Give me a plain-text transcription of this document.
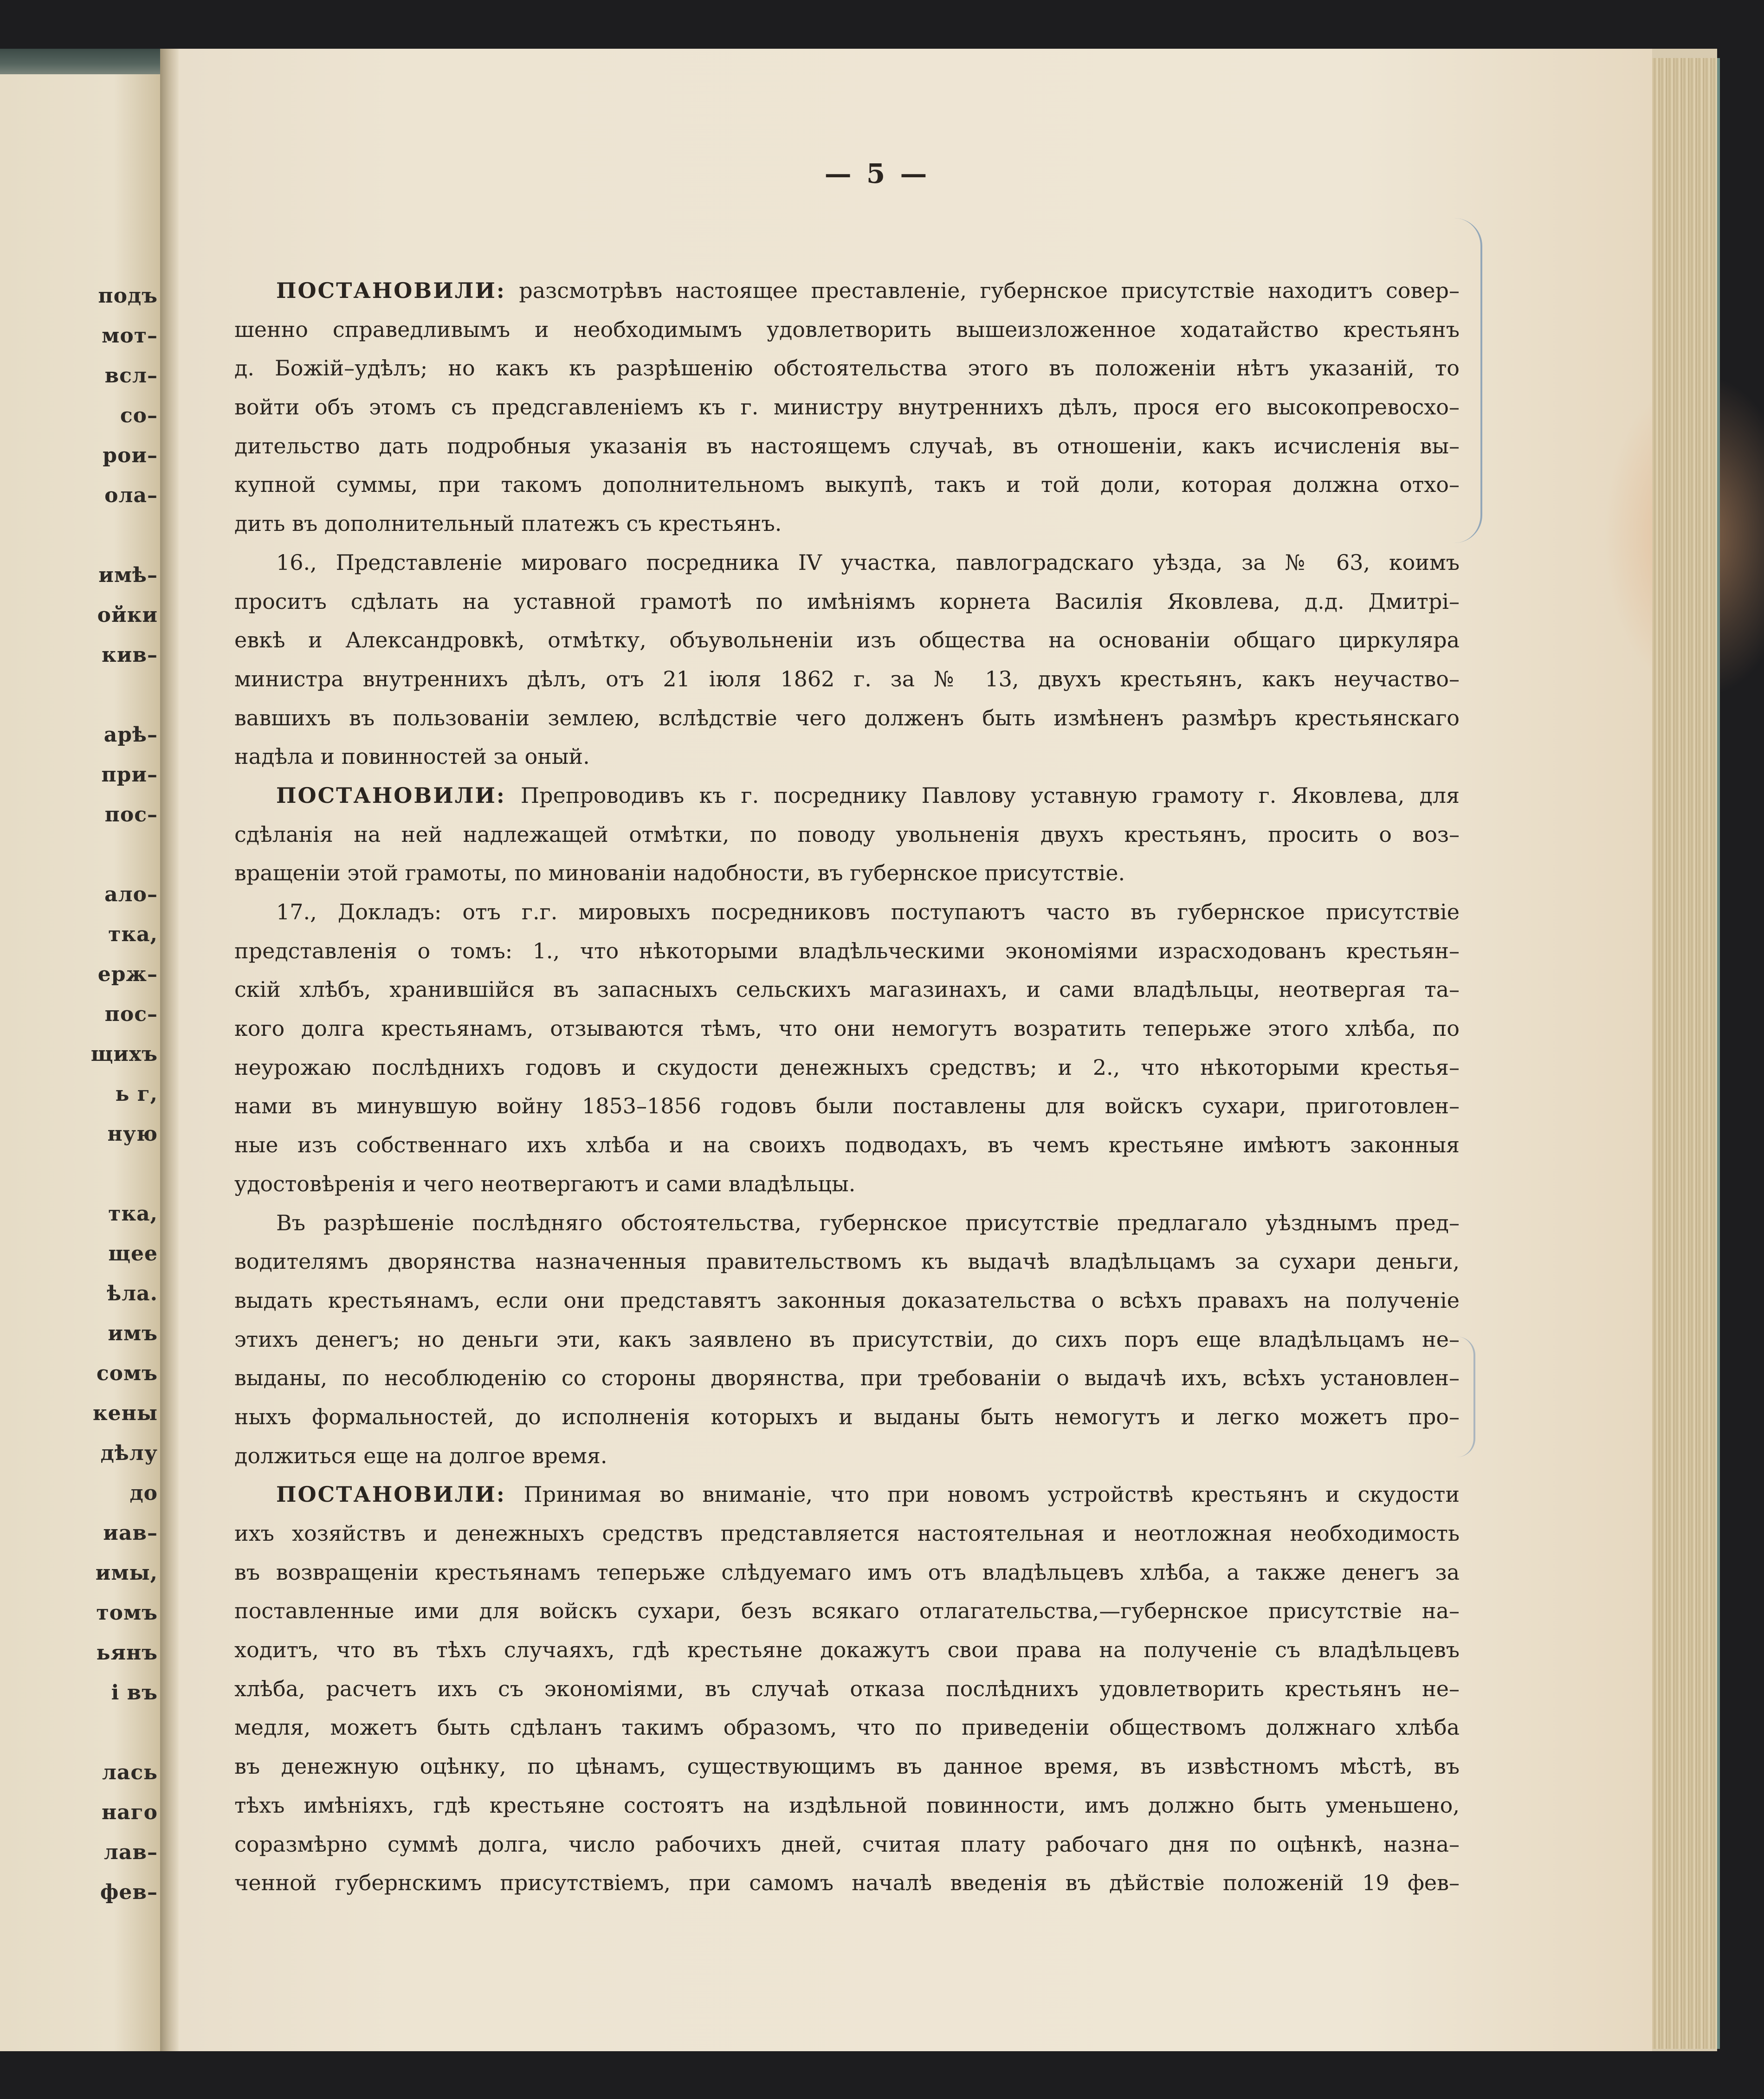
подъ
мот–
всл–
со–
рои–
ола–
имѣ–
ойки
кив–
арѣ–
при–
пос–
ало–
тка,
ерж–
пос–
щихъ
ь г,
ную
тка,
щее
ѣла.
имъ
сомъ
кены
дѣлу
до
иав–
имы,
томъ
ьянъ
і въ
лась
нагo
лав–
фев–
— 5 —
ПОСТАНОВИЛИ: разсмотрѣвъ настоящее преставленіе, губернское присутствіе находитъ совер–
шенно справедливымъ и необходимымъ удовлетворить вышеизложенное ходатайство крестьянъ
д. Божій–удѣлъ; но какъ къ разрѣшенію обстоятельства этого въ положеніи нѣтъ указаній, то
войти объ этомъ съ предсгавленіемъ къ г. министру внутреннихъ дѣлъ, прося его высокопревосхо–
дительство дать подробныя указанія въ настоящемъ случаѣ, въ отношеніи, какъ исчисленія вы–
купной суммы, при такомъ дополнительномъ выкупѣ, такъ и той доли, которая должна отхо–
дить въ дополнительный платежъ съ крестьянъ.
16., Представленіе мироваго посредника IV участка, павлоградскаго уѣзда, за № 63, коимъ
проситъ сдѣлать на уставной грамотѣ по имѣніямъ корнета Василія Яковлева, д.д. Дмитрі–
евкѣ и Александровкѣ, отмѣтку, объувольненіи изъ общества на основаніи общаго циркуляра
министра внутреннихъ дѣлъ, отъ 21 іюля 1862 г. за № 13, двухъ крестьянъ, какъ неучаство–
вавшихъ въ пользованіи землею, вслѣдствіе чего долженъ быть измѣненъ размѣръ крестьянскаго
надѣла и повинностей за оный.
ПОСТАНОВИЛИ: Препроводивъ къ г. посреднику Павлову уставную грамоту г. Яковлева, для
сдѣланія на ней надлежащей отмѣтки, по поводу увольненія двухъ крестьянъ, просить о воз–
вращеніи этой грамоты, по минованіи надобности, въ губернское присутствіе.
17., Докладъ: отъ г.г. мировыхъ посредниковъ поступаютъ часто въ губернское присутствіе
представленія о томъ: 1., что нѣкоторыми владѣльческими экономіями израсходованъ крестьян–
скій хлѣбъ, хранившійся въ запасныхъ сельскихъ магазинахъ, и сами владѣльцы, неотвергая та–
кого долга крестьянамъ, отзываются тѣмъ, что они немогутъ возратить теперьже этого хлѣба, по
неурожаю послѣднихъ годовъ и скудости денежныхъ средствъ; и 2., что нѣкоторыми крестья–
нами въ минувшую войну 1853–1856 годовъ были поставлены для войскъ сухари, приготовлен–
ные изъ собственнаго ихъ хлѣба и на своихъ подводахъ, въ чемъ крестьяне имѣютъ законныя
удостовѣренія и чего неотвергаютъ и сами владѣльцы.
Въ разрѣшеніе послѣдняго обстоятельства, губернское присутствіе предлагало уѣзднымъ пред–
водителямъ дворянства назначенныя правительствомъ къ выдачѣ владѣльцамъ за сухари деньги,
выдать крестьянамъ, если они представятъ законныя доказательства о всѣхъ правахъ на полученіе
этихъ денегъ; но деньги эти, какъ заявлено въ присутствіи, до сихъ поръ еще владѣльцамъ не–
выданы, по несоблюденію со стороны дворянства, при требованіи о выдачѣ ихъ, всѣхъ установлен–
ныхъ формальностей, до исполненія которыхъ и выданы быть немогутъ и легко можетъ про–
должиться еще на долгое время.
ПОСТАНОВИЛИ: Принимая во вниманіе, что при новомъ устройствѣ крестьянъ и скудости
ихъ хозяйствъ и денежныхъ средствъ представляется настоятельная и неотложная необходимость
въ возвращеніи крестьянамъ теперьже слѣдуемаго имъ отъ владѣльцевъ хлѣба, а также денегъ за
поставленные ими для войскъ сухари, безъ всякаго отлагательства,—губернское присутствіе на–
ходитъ, что въ тѣхъ случаяхъ, гдѣ крестьяне докажутъ свои права на полученіе съ владѣльцевъ
хлѣба, расчетъ ихъ съ экономіями, въ случаѣ отказа послѣднихъ удовлетворить крестьянъ не–
медля, можетъ быть сдѣланъ такимъ образомъ, что по приведеніи обществомъ должнаго хлѣба
въ денежную оцѣнку, по цѣнамъ, существующимъ въ данное время, въ извѣстномъ мѣстѣ, въ
тѣхъ имѣніяхъ, гдѣ крестьяне состоятъ на издѣльной повинности, имъ должно быть уменьшено,
соразмѣрно суммѣ долга, число рабочихъ дней, считая плату рабочаго дня по оцѣнкѣ, назна–
ченной губернскимъ присутствіемъ, при самомъ началѣ введенія въ дѣйствіе положеній 19 фев–
